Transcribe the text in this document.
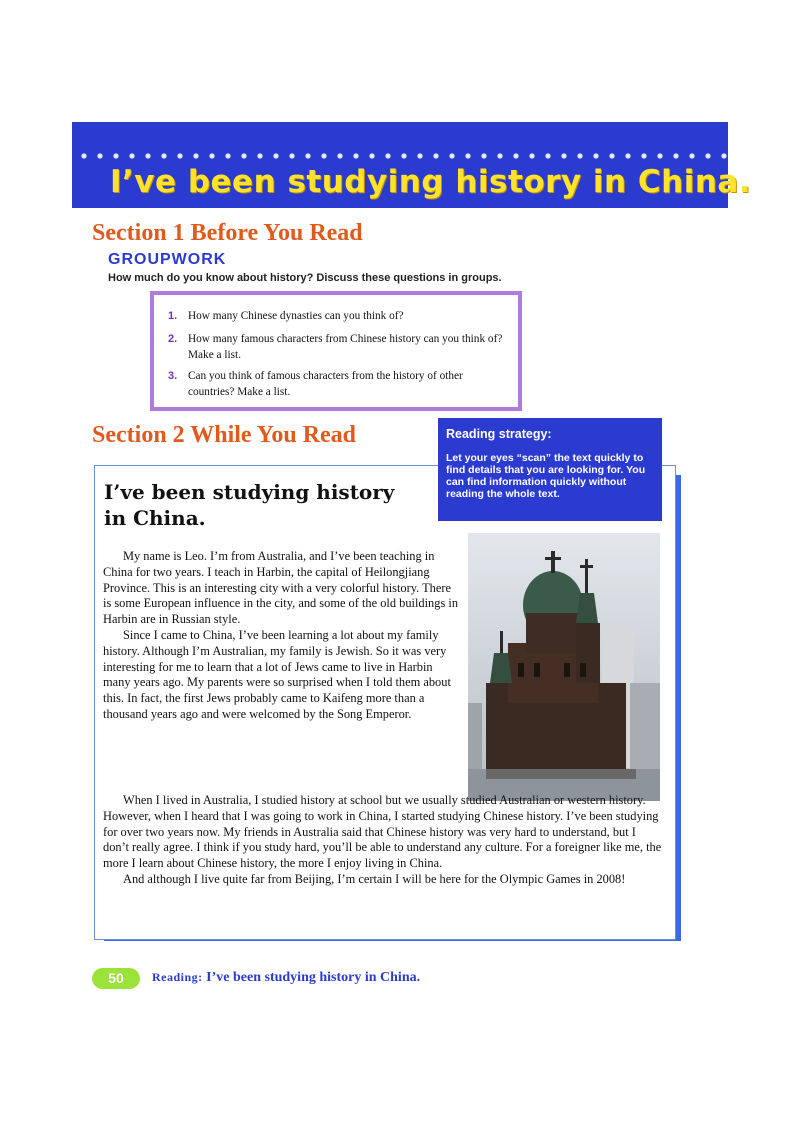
I’ve been studying history in China.
Section 1 Before You Read
GROUPWORK
How much do you know about history? Discuss these questions in groups.
1. How many Chinese dynasties can you think of?
2. How many famous characters from Chinese history can you think of? Make a list.
3. Can you think of famous characters from the history of other countries? Make a list.
Section 2 While You Read	Reading strategy:
Let your eyes “scan” the text quickly to find details that you are looking for. You can find information quickly without reading the whole text.
I’ve been studying history in China.

My name is Leo. I’m from Australia, and I’ve been teaching in China for two years. I teach in Harbin, the capital of Heilongjiang Province. This is an interesting city with a very colorful history. There is some European influence in the city, and some of the old buildings in Harbin are in Russian style.

Since I came to China, I’ve been learning a lot about my family history. Although I’m Australian, my family is Jewish. So it was very interesting for me to learn that a lot of Jews came to live in Harbin many years ago. My parents were so surprised when I told them about this. In fact, the first Jews probably came to Kaifeng more than a thousand years ago and were welcomed by the Song Emperor.

When I lived in Australia, I studied history at school but we usually studied Australian or western history. However, when I heard that I was going to work in China, I started studying Chinese history. I’ve been studying for over two years now. My friends in Australia said that Chinese history was very hard to understand, but I don’t really agree. I think if you study hard, you’ll be able to understand any culture. For a foreigner like me, the more I learn about Chinese history, the more I enjoy living in China.

And although I live quite far from Beijing, I’m certain I will be here for the Olympic Games in 2008!

50	Reading: I’ve been studying history in China.
